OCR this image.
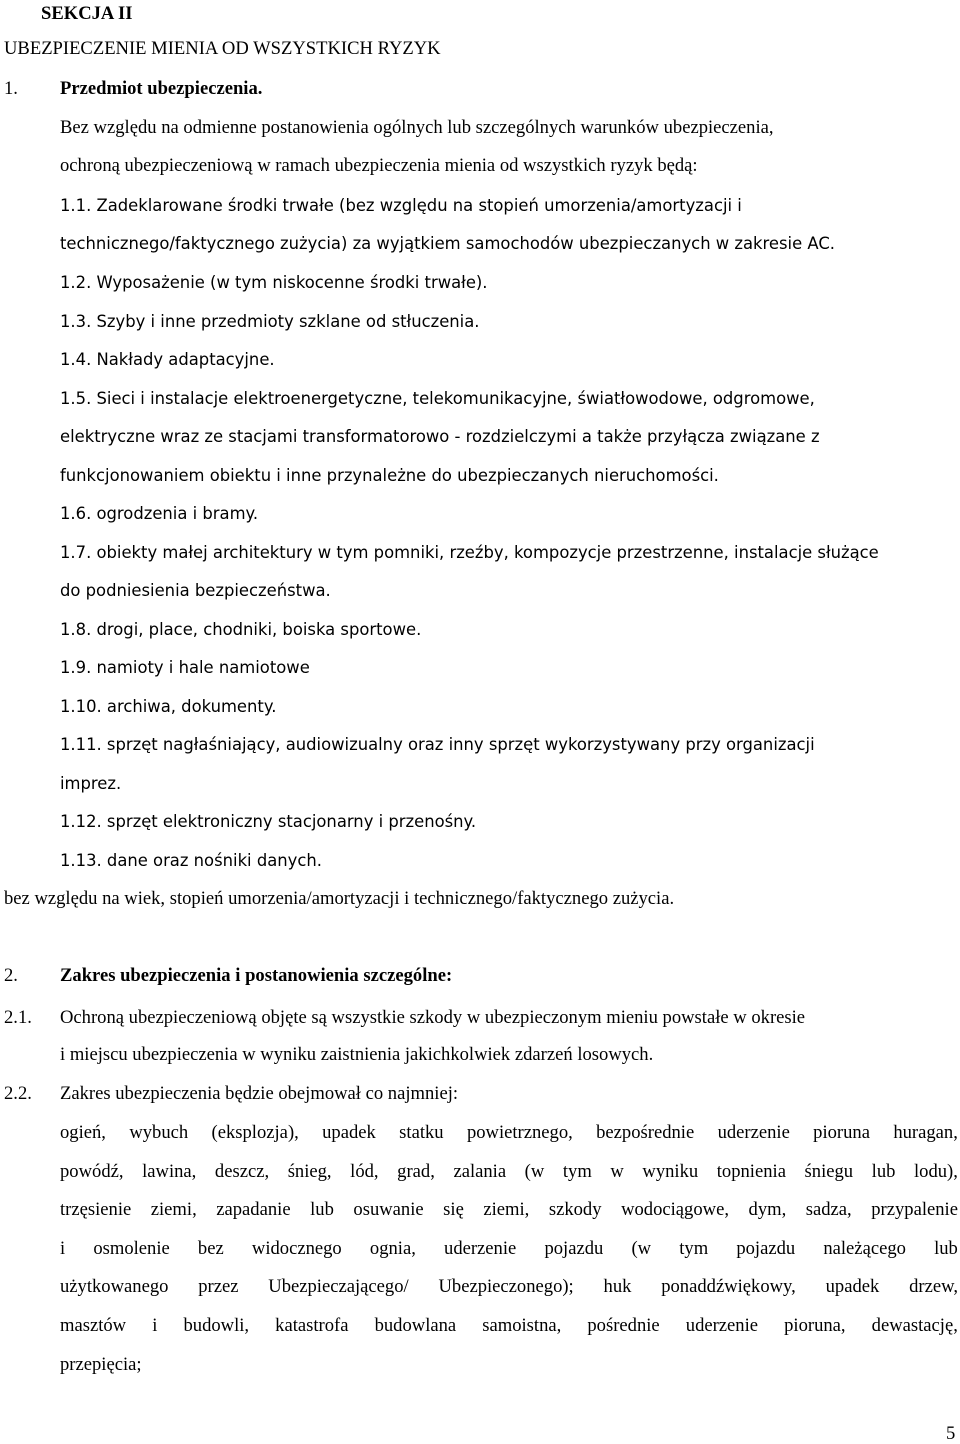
SEKCJA II
UBEZPIECZENIE MIENIA OD WSZYSTKICH RYZYK
1. Przedmiot ubezpieczenia.
Bez względu na odmienne postanowienia ogólnych lub szczególnych warunków ubezpieczenia,
ochroną ubezpieczeniową w ramach ubezpieczenia mienia od wszystkich ryzyk będą:
1.1. Zadeklarowane środki trwałe (bez względu na stopień umorzenia/amortyzacji i
technicznego/faktycznego zużycia) za wyjątkiem samochodów ubezpieczanych w zakresie AC.
1.2. Wyposażenie (w tym niskocenne środki trwałe).
1.3. Szyby i inne przedmioty szklane od stłuczenia.
1.4. Nakłady adaptacyjne.
1.5. Sieci i instalacje elektroenergetyczne, telekomunikacyjne, światłowodowe, odgromowe,
elektryczne wraz ze stacjami transformatorowo - rozdzielczymi a także przyłącza związane z
funkcjonowaniem obiektu i inne przynależne do ubezpieczanych nieruchomości.
1.6. ogrodzenia i bramy.
1.7. obiekty małej architektury w tym pomniki, rzeźby, kompozycje przestrzenne, instalacje służące
do podniesienia bezpieczeństwa.
1.8. drogi, place, chodniki, boiska sportowe.
1.9. namioty i hale namiotowe
1.10. archiwa, dokumenty.
1.11. sprzęt nagłaśniający, audiowizualny oraz inny sprzęt wykorzystywany przy organizacji
imprez.
1.12. sprzęt elektroniczny stacjonarny i przenośny.
1.13. dane oraz nośniki danych.
bez względu na wiek, stopień umorzenia/amortyzacji i technicznego/faktycznego zużycia.
2. Zakres ubezpieczenia i postanowienia szczególne:
2.1. Ochroną ubezpieczeniową objęte są wszystkie szkody w ubezpieczonym mieniu powstałe w okresie
i miejscu ubezpieczenia w wyniku zaistnienia jakichkolwiek zdarzeń losowych.
2.2. Zakres ubezpieczenia będzie obejmował co najmniej:
ogień, wybuch (eksplozja), upadek statku powietrznego, bezpośrednie uderzenie pioruna huragan,
powódź, lawina, deszcz, śnieg, lód, grad, zalania (w tym w wyniku topnienia śniegu lub lodu),
trzęsienie ziemi, zapadanie lub osuwanie się ziemi, szkody wodociągowe, dym, sadza, przypalenie
i osmolenie bez widocznego ognia, uderzenie pojazdu (w tym pojazdu należącego lub
użytkowanego przez Ubezpieczającego/ Ubezpieczonego); huk ponaddźwiękowy, upadek drzew,
masztów i budowli, katastrofa budowlana samoistna, pośrednie uderzenie pioruna, dewastację,
przepięcia;
5
